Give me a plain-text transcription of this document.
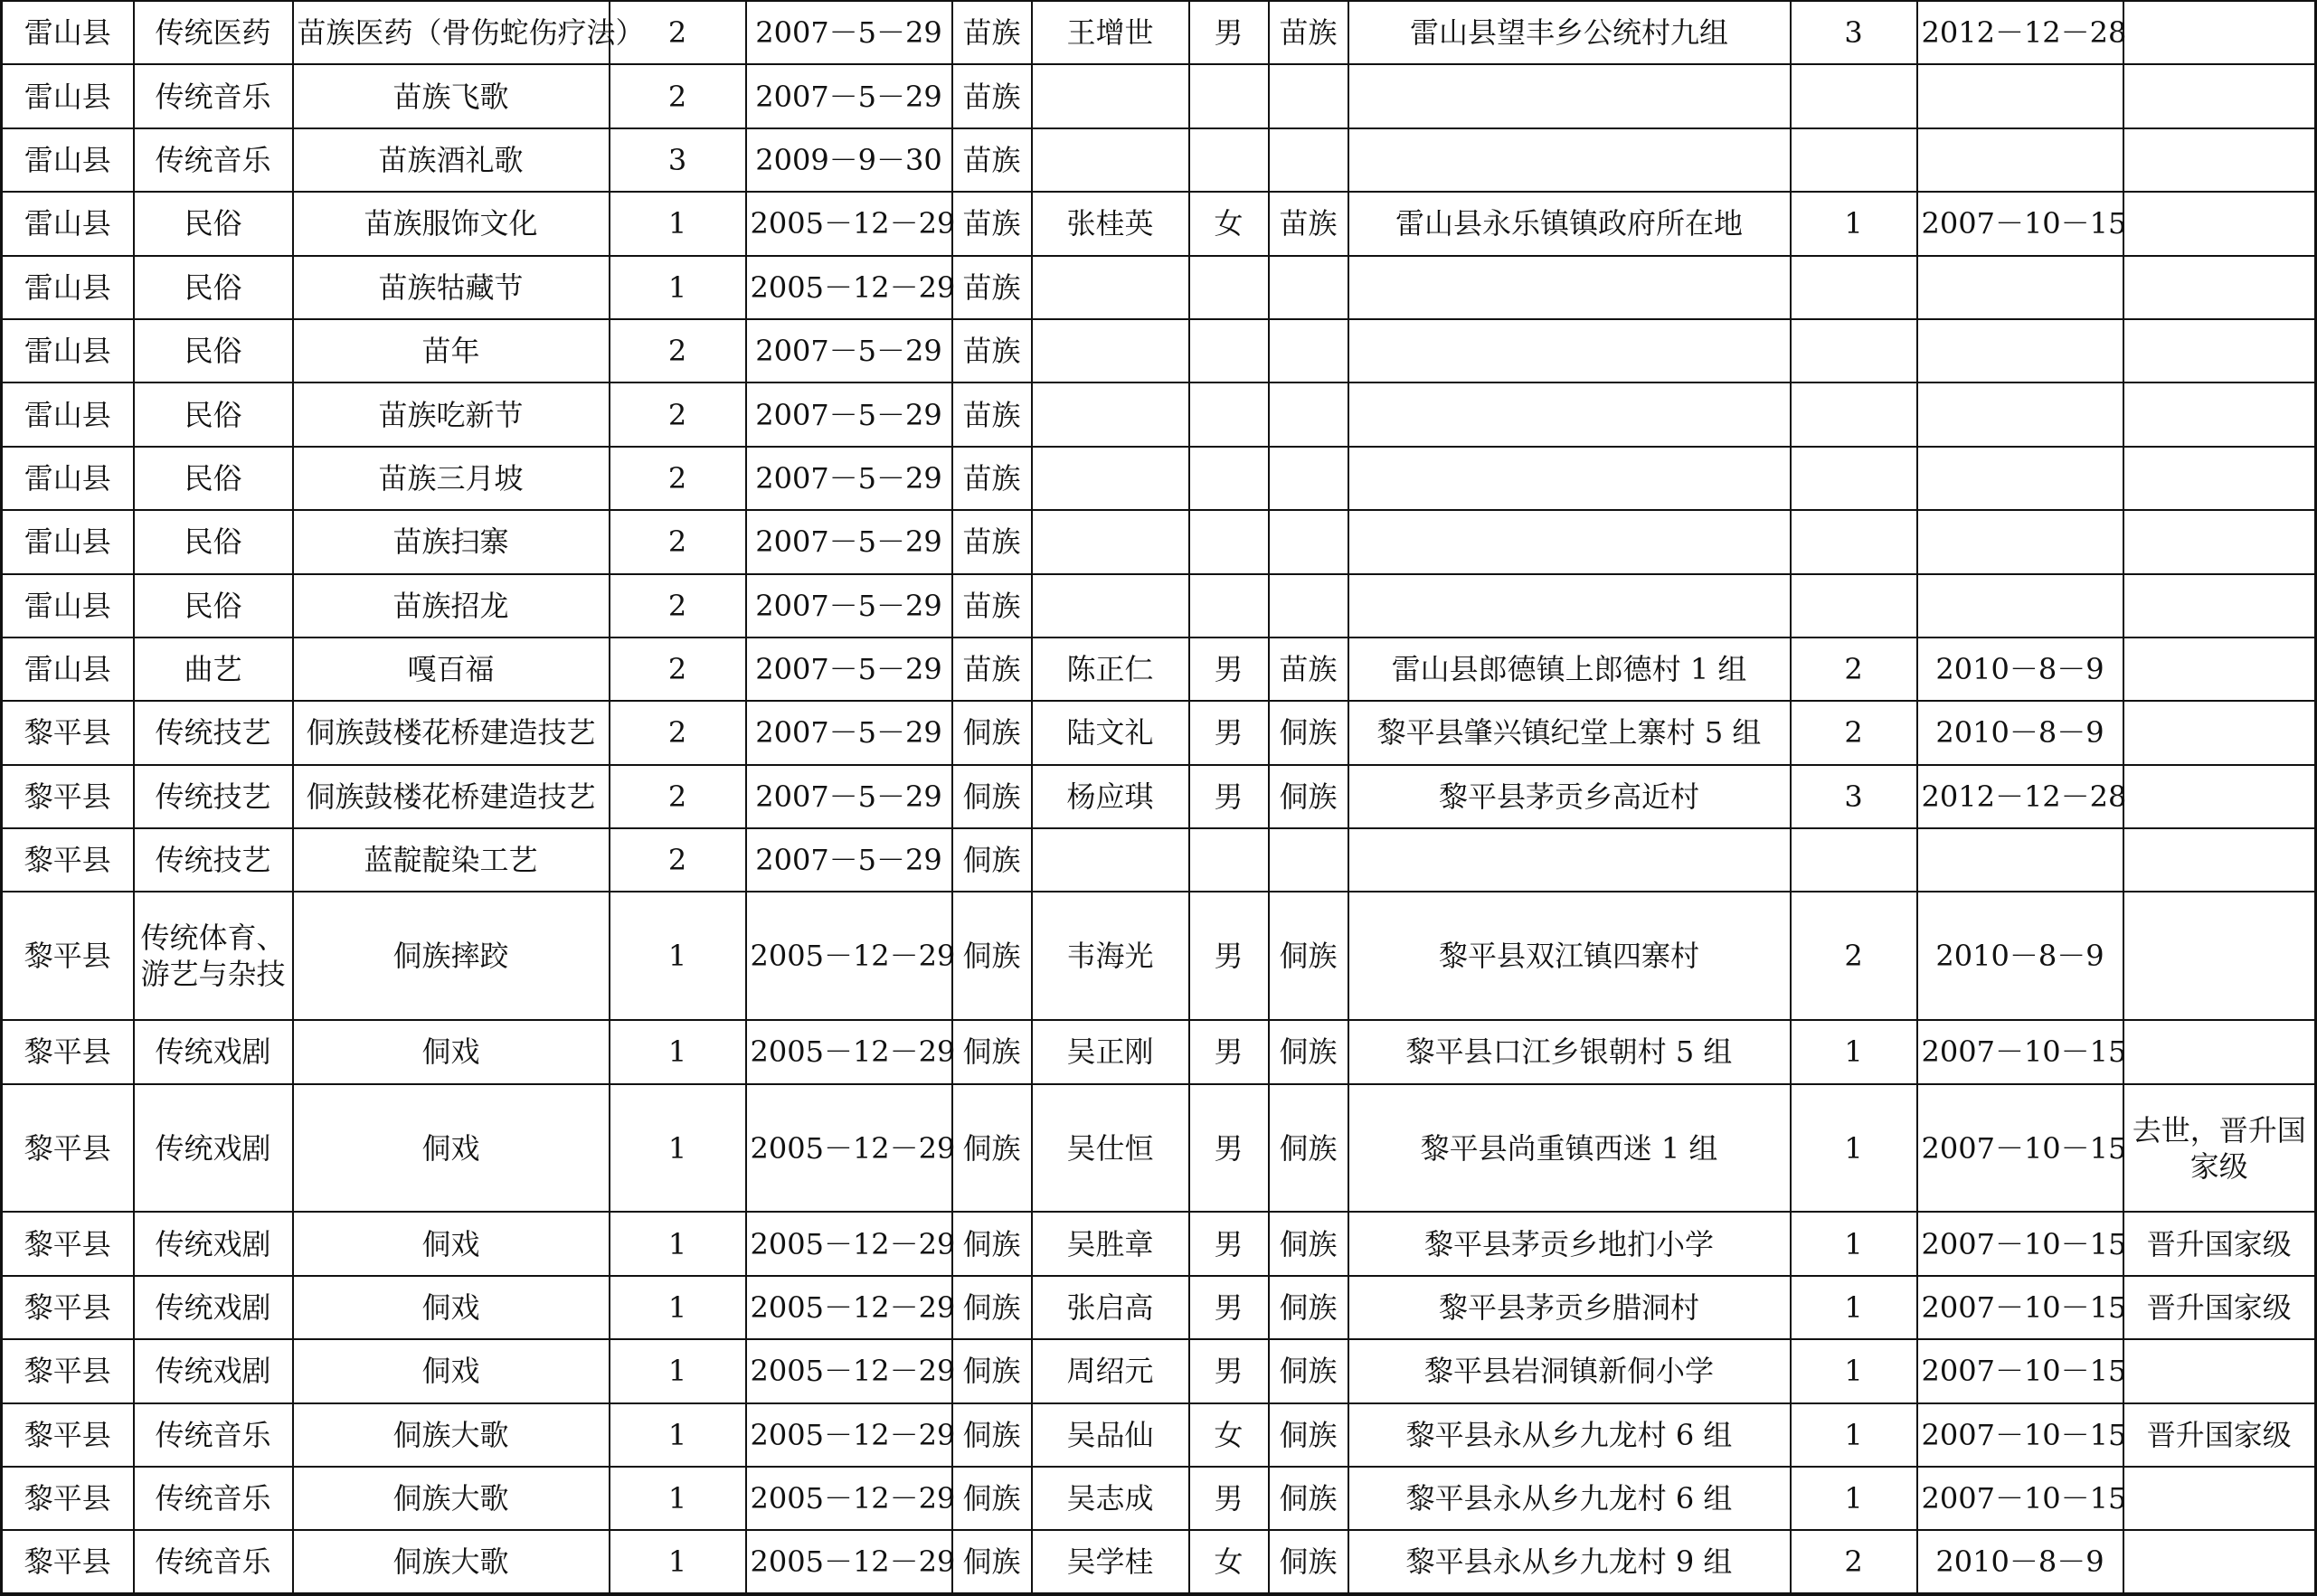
雷山县	传统医药	苗族医药（骨伤蛇伤疗法）	2	2007－5－29	苗族	王增世	男	苗族	雷山县望丰乡公统村九组	3	2012－12－28	
雷山县	传统音乐	苗族飞歌	2	2007－5－29	苗族							
雷山县	传统音乐	苗族酒礼歌	3	2009－9－30	苗族							
雷山县	民俗	苗族服饰文化	1	2005－12－29	苗族	张桂英	女	苗族	雷山县永乐镇镇政府所在地	1	2007－10－15	
雷山县	民俗	苗族牯藏节	1	2005－12－29	苗族							
雷山县	民俗	苗年	2	2007－5－29	苗族							
雷山县	民俗	苗族吃新节	2	2007－5－29	苗族							
雷山县	民俗	苗族三月坡	2	2007－5－29	苗族							
雷山县	民俗	苗族扫寨	2	2007－5－29	苗族							
雷山县	民俗	苗族招龙	2	2007－5－29	苗族							
雷山县	曲艺	嘎百福	2	2007－5－29	苗族	陈正仁	男	苗族	雷山县郎德镇上郎德村 1 组	2	2010－8－9	
黎平县	传统技艺	侗族鼓楼花桥建造技艺	2	2007－5－29	侗族	陆文礼	男	侗族	黎平县肇兴镇纪堂上寨村 5 组	2	2010－8－9	
黎平县	传统技艺	侗族鼓楼花桥建造技艺	2	2007－5－29	侗族	杨应琪	男	侗族	黎平县茅贡乡高近村	3	2012－12－28	
黎平县	传统技艺	蓝靛靛染工艺	2	2007－5－29	侗族							
黎平县	传统体育、游艺与杂技	侗族摔跤	1	2005－12－29	侗族	韦海光	男	侗族	黎平县双江镇四寨村	2	2010－8－9	
黎平县	传统戏剧	侗戏	1	2005－12－29	侗族	吴正刚	男	侗族	黎平县口江乡银朝村 5 组	1	2007－10－15	
黎平县	传统戏剧	侗戏	1	2005－12－29	侗族	吴仕恒	男	侗族	黎平县尚重镇西迷 1 组	1	2007－10－15	去世，晋升国家级
黎平县	传统戏剧	侗戏	1	2005－12－29	侗族	吴胜章	男	侗族	黎平县茅贡乡地扪小学	1	2007－10－15	晋升国家级
黎平县	传统戏剧	侗戏	1	2005－12－29	侗族	张启高	男	侗族	黎平县茅贡乡腊洞村	1	2007－10－15	晋升国家级
黎平县	传统戏剧	侗戏	1	2005－12－29	侗族	周绍元	男	侗族	黎平县岩洞镇新侗小学	1	2007－10－15	
黎平县	传统音乐	侗族大歌	1	2005－12－29	侗族	吴品仙	女	侗族	黎平县永从乡九龙村 6 组	1	2007－10－15	晋升国家级
黎平县	传统音乐	侗族大歌	1	2005－12－29	侗族	吴志成	男	侗族	黎平县永从乡九龙村 6 组	1	2007－10－15	
黎平县	传统音乐	侗族大歌	1	2005－12－29	侗族	吴学桂	女	侗族	黎平县永从乡九龙村 9 组	2	2010－8－9	
